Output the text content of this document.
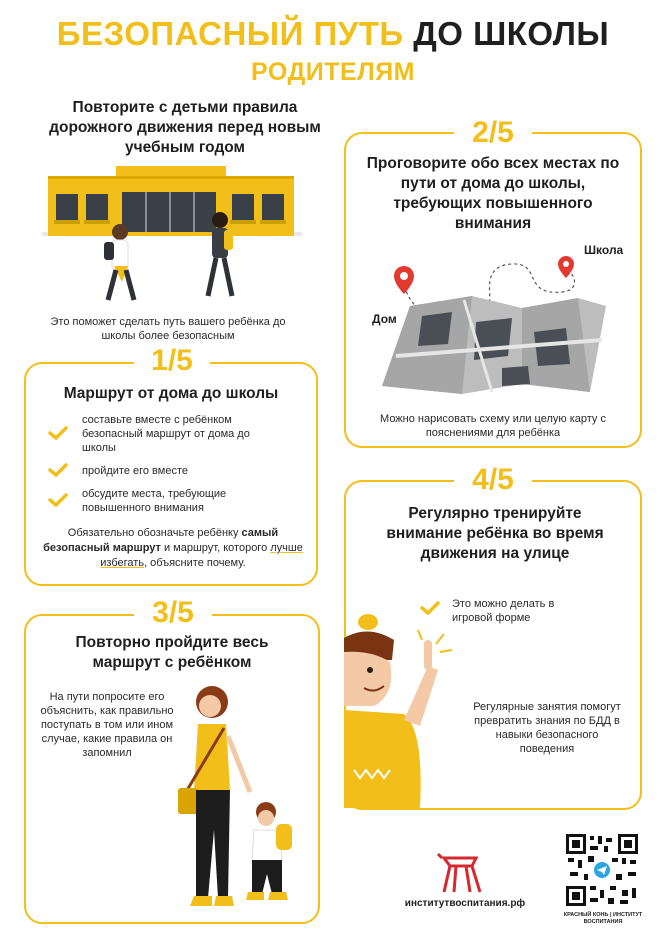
БЕЗОПАСНЫЙ ПУТЬ ДО ШКОЛЫ
РОДИТЕЛЯМ
Повторите с детьми правила дорожного движения перед новым учебным годом
Это поможет сделать путь вашего ребёнка до школы более безопасным
1/5
Маршрут от дома до школы
составьте вместе с ребёнком безопасный маршрут от дома до школы
пройдите его вместе
обсудите места, требующие повышенного внимания
Обязательно обозначьте ребёнку самый безопасный маршрут и маршрут, которого лучше избегать, объясните почему.
2/5
Проговорите обо всех местах по пути от дома до школы, требующих повышенного внимания
Дом
Школа
Можно нарисовать схему или целую карту с пояснениями для ребёнка
3/5
Повторно пройдите весь маршрут с ребёнком
На пути попросите его объяснить, как правильно поступать в том или ином случае, какие правила он запомнил
4/5
Регулярно тренируйте внимание ребёнка во время движения на улице
Это можно делать в игровой форме
Регулярные занятия помогут превратить знания по БДД в навыки безопасного поведения
институтвоспитания.рф
КРАСНЫЙ КОНЬ | ИНСТИТУТ ВОСПИТАНИЯ
